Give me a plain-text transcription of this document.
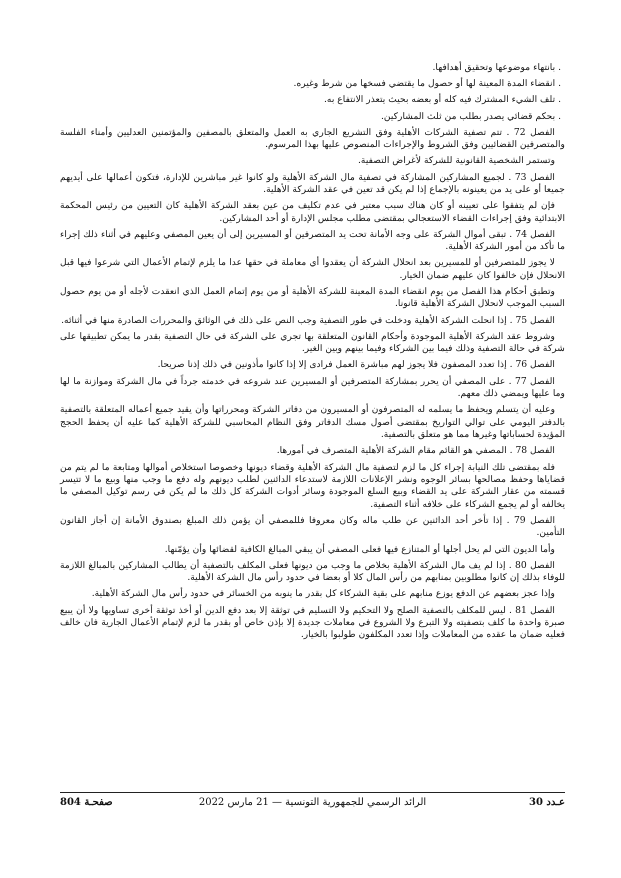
. بانتهاء موضوعها وتحقيق أهدافها.

. انقضاء المدة المعينة لها أو حصول ما يقتضي فسخها من شرط وغيره.

. تلف الشيء المشترك فيه كله أو بعضه بحيث يتعذر الانتفاع به.

. بحكم قضائي يصدر بطلب من ثلث المشاركين.

الفصل 72 . تتم تصفية الشركات الأهلية وفق التشريع الجاري به العمل والمتعلق بالمصفين والمؤتمنين العدليين وأمناء الفلسة والمتصرفين القضائيين وفق الشروط والإجراءات المنصوص عليها بهذا المرسوم.

وتستمر الشخصية القانونية للشركة لأغراض التصفية.

الفصل 73 . لجميع المشاركين المشاركة في تصفية مال الشركة الأهلية ولو كانوا غير مباشرين للإدارة، فتكون أعمالها على أيديهم جميعا أو على يد من يعينونه بالإجماع إذا لم يكن قد تعين في عقد الشركة الأهلية.

فإن لم يتفقوا على تعيينه أو كان هناك سبب معتبر في عدم تكليف من عين بعقد الشركة الأهلية كان التعيين من رئيس المحكمة الابتدائية وفق إجراءات القضاء الاستعجالي بمقتضى مطلب مجلس الإدارة أو أحد المشاركين.

الفصل 74 . تبقى أموال الشركة على وجه الأمانة تحت يد المتصرفين أو المسيرين إلى أن يعين المصفي وعليهم في أثناء ذلك إجراء ما تأكد من أمور الشركة الأهلية.

لا يجوز للمتصرفين أو للمسيرين بعد انحلال الشركة أن يعقدوا أي معاملة في حقها عدا ما يلزم لإتمام الأعمال التي شرعوا فيها قبل الانحلال فإن خالفوا كان عليهم ضمان الخيار.

وتطبق أحكام هذا الفصل من يوم انقضاء المدة المعينة للشركة الأهلية أو من يوم إتمام العمل الذي انعقدت لأجله أو من يوم حصول السبب الموجب لانحلال الشركة الأهلية قانونا.

الفصل 75 . إذا انحلت الشركة الأهلية ودخلت في طور التصفية وجب النص على ذلك في الوثائق والمحررات الصادرة منها في أثنائه.

وشروط عقد الشركة الأهلية الموجودة وأحكام القانون المتعلقة بها تجري على الشركة في حال التصفية بقدر ما يمكن تطبيقها على شركة في حالة التصفية وذلك فيما بين الشركاء وفيما بينهم وبين الغير.

الفصل 76 . إذا تعدد المصفون فلا يجوز لهم مباشرة العمل فرادى إلا إذا كانوا مأذونين في ذلك إذنا صريحا.

الفصل 77 . على المصفي أن يحرر بمشاركة المتصرفين أو المسيرين عند شروعه في خدمته جرداً في مال الشركة وموازنة ما لها وما عليها ويمضي ذلك معهم.

وعليه أن يتسلم ويحفظ ما يسلمه له المتصرفون أو المسيرون من دفاتر الشركة ومحرراتها وأن يقيد جميع أعماله المتعلقة بالتصفية بالدفتر اليومي على توالي التواريخ بمقتضى أصول مسك الدفاتر وفق النظام المحاسبي للشركة الأهلية كما عليه أن يحفظ الحجج المؤيدة لحساباتها وغيرها مما هو متعلق بالتصفية.

الفصل 78 . المصفي هو القائم مقام الشركة الأهلية المتصرف في أمورها.

فله بمقتضى تلك النيابة إجراء كل ما لزم لتصفية مال الشركة الأهلية وقضاء ديونها وخصوصا استخلاص أموالها ومتابعة ما لم يتم من قضاياها وحفظ مصالحها بسائر الوجوه ونشر الإعلانات اللازمة لاستدعاء الدائنين لطلب ديونهم وله دفع ما وجب منها وبيع ما لا تتيسر قسمته من عقار الشركة على يد القضاء وبيع السلع الموجودة وسائر أدوات الشركة كل ذلك ما لم يكن في رسم توكيل المصفي ما يخالفه أو لم يجمع الشركاء على خلافه أثناء التصفية.

الفصل 79 . إذا تأخر أحد الدائنين عن طلب ماله وكان معروفا فللمصفي أن يؤمن ذلك المبلغ بصندوق الأمانة إن أجاز القانون التأمين.

وأما الديون التي لم يحل أجلها أو المتنازع فيها فعلى المصفي أن يبقي المبالغ الكافية لقضائها وأن يؤمّنها.

الفصل 80 . إذا لم يف مال الشركة الأهلية بخلاص ما وجب من ديونها فعلى المكلف بالتصفية أن يطالب المشاركين بالمبالغ اللازمة للوفاء بذلك إن كانوا مطلوبين بمنابهم من رأس المال كلا أو بعضا في حدود رأس مال الشركة الأهلية.

وإذا عجز بعضهم عن الدفع يوزع منابهم على بقية الشركاء كل بقدر ما ينوبه من الخسائر في حدود رأس مال الشركة الأهلية.

الفصل 81 . ليس للمكلف بالتصفية الصلح ولا التحكيم ولا التسليم في توثقة إلا بعد دفع الدين أو أخذ توثقة أخرى تساويها ولا أن يبيع صبرة واحدة ما كلف بتصفيته ولا التبرع ولا الشروع في معاملات جديدة إلا بإذن خاص أو بقدر ما لزم لإتمام الأعمال الجارية فان خالف فعليه ضمان ما عقده من المعاملات وإذا تعدد المكلفون طولبوا بالخيار.

صفحـة 804	الرائد الرسمي للجمهورية التونسية — 21 مارس 2022	عـدد 30
